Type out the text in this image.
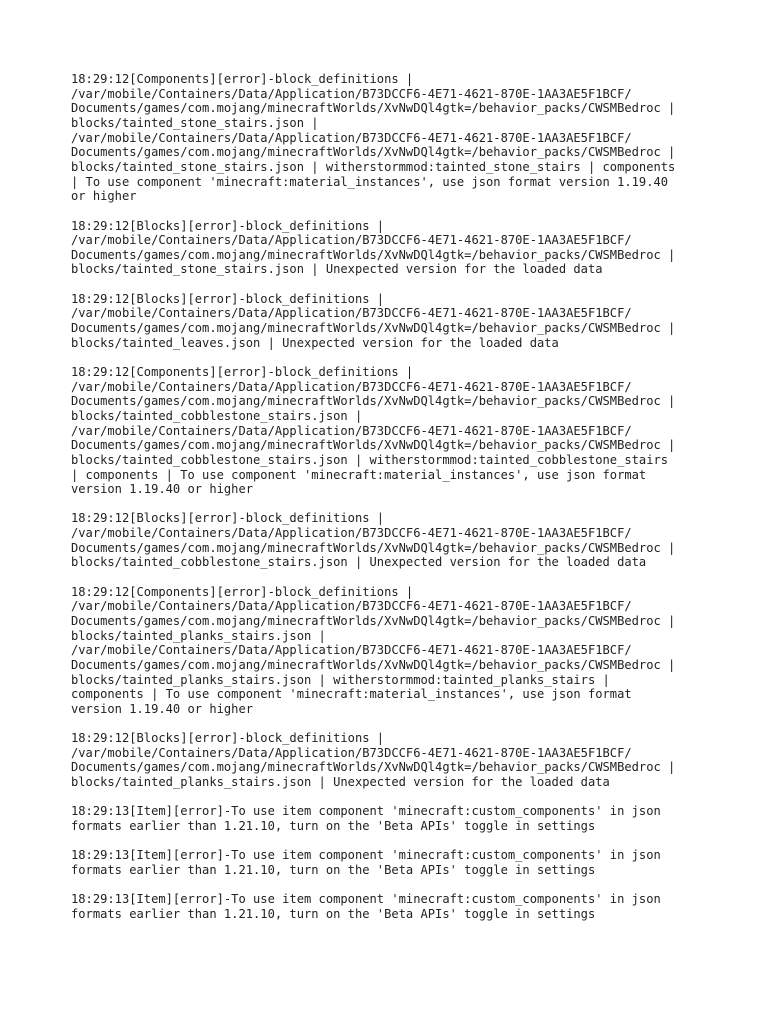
18:29:12[Components][error]-block_definitions |
/var/mobile/Containers/Data/Application/B73DCCF6-4E71-4621-870E-1AA3AE5F1BCF/
Documents/games/com.mojang/minecraftWorlds/XvNwDQl4gtk=/behavior_packs/CWSMBedroc |
blocks/tainted_stone_stairs.json |
/var/mobile/Containers/Data/Application/B73DCCF6-4E71-4621-870E-1AA3AE5F1BCF/
Documents/games/com.mojang/minecraftWorlds/XvNwDQl4gtk=/behavior_packs/CWSMBedroc |
blocks/tainted_stone_stairs.json | witherstormmod:tainted_stone_stairs | components
| To use component 'minecraft:material_instances', use json format version 1.19.40
or higher
18:29:12[Blocks][error]-block_definitions |
/var/mobile/Containers/Data/Application/B73DCCF6-4E71-4621-870E-1AA3AE5F1BCF/
Documents/games/com.mojang/minecraftWorlds/XvNwDQl4gtk=/behavior_packs/CWSMBedroc |
blocks/tainted_stone_stairs.json | Unexpected version for the loaded data
18:29:12[Blocks][error]-block_definitions |
/var/mobile/Containers/Data/Application/B73DCCF6-4E71-4621-870E-1AA3AE5F1BCF/
Documents/games/com.mojang/minecraftWorlds/XvNwDQl4gtk=/behavior_packs/CWSMBedroc |
blocks/tainted_leaves.json | Unexpected version for the loaded data
18:29:12[Components][error]-block_definitions |
/var/mobile/Containers/Data/Application/B73DCCF6-4E71-4621-870E-1AA3AE5F1BCF/
Documents/games/com.mojang/minecraftWorlds/XvNwDQl4gtk=/behavior_packs/CWSMBedroc |
blocks/tainted_cobblestone_stairs.json |
/var/mobile/Containers/Data/Application/B73DCCF6-4E71-4621-870E-1AA3AE5F1BCF/
Documents/games/com.mojang/minecraftWorlds/XvNwDQl4gtk=/behavior_packs/CWSMBedroc |
blocks/tainted_cobblestone_stairs.json | witherstormmod:tainted_cobblestone_stairs
| components | To use component 'minecraft:material_instances', use json format
version 1.19.40 or higher
18:29:12[Blocks][error]-block_definitions |
/var/mobile/Containers/Data/Application/B73DCCF6-4E71-4621-870E-1AA3AE5F1BCF/
Documents/games/com.mojang/minecraftWorlds/XvNwDQl4gtk=/behavior_packs/CWSMBedroc |
blocks/tainted_cobblestone_stairs.json | Unexpected version for the loaded data
18:29:12[Components][error]-block_definitions |
/var/mobile/Containers/Data/Application/B73DCCF6-4E71-4621-870E-1AA3AE5F1BCF/
Documents/games/com.mojang/minecraftWorlds/XvNwDQl4gtk=/behavior_packs/CWSMBedroc |
blocks/tainted_planks_stairs.json |
/var/mobile/Containers/Data/Application/B73DCCF6-4E71-4621-870E-1AA3AE5F1BCF/
Documents/games/com.mojang/minecraftWorlds/XvNwDQl4gtk=/behavior_packs/CWSMBedroc |
blocks/tainted_planks_stairs.json | witherstormmod:tainted_planks_stairs |
components | To use component 'minecraft:material_instances', use json format
version 1.19.40 or higher
18:29:12[Blocks][error]-block_definitions |
/var/mobile/Containers/Data/Application/B73DCCF6-4E71-4621-870E-1AA3AE5F1BCF/
Documents/games/com.mojang/minecraftWorlds/XvNwDQl4gtk=/behavior_packs/CWSMBedroc |
blocks/tainted_planks_stairs.json | Unexpected version for the loaded data
18:29:13[Item][error]-To use item component 'minecraft:custom_components' in json
formats earlier than 1.21.10, turn on the 'Beta APIs' toggle in settings
18:29:13[Item][error]-To use item component 'minecraft:custom_components' in json
formats earlier than 1.21.10, turn on the 'Beta APIs' toggle in settings
18:29:13[Item][error]-To use item component 'minecraft:custom_components' in json
formats earlier than 1.21.10, turn on the 'Beta APIs' toggle in settings
